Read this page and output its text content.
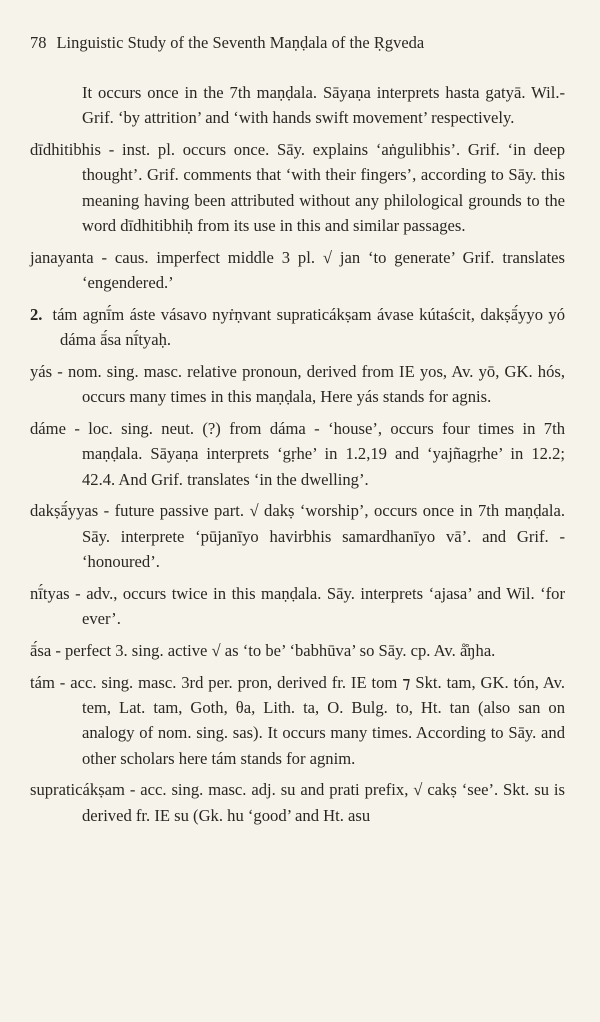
78 Linguistic Study of the Seventh Maṇḍala of the Ṛgveda

It occurs once in the 7th maṇḍala. Sāyaṇa interprets hasta gatyā. Wil.-Grif. ‘by attrition’ and ‘with hands swift movement’ respectively.

dīdhitibhis - inst. pl. occurs once. Sāy. explains ‘aṅgulibhis’. Grif. ‘in deep thought’. Grif. comments that ‘with their fingers’, according to Sāy. this meaning having been attributed without any philological grounds to the word dīdhitibhiḥ from its use in this and similar passages.

janayanta - caus. imperfect middle 3 pl. √ jan ‘to generate’ Grif. translates ‘engendered.’

2. tám agnī́m áste vásavo nyṙṇvant supraticákṣam ávase kútaścit, dakṣā́yyo yó dáma ā́sa nī́tyaḥ.

yás - nom. sing. masc. relative pronoun, derived from IE yos, Av. yō, GK. hós, occurs many times in this maṇḍala, Here yás stands for agnis.

dáme - loc. sing. neut. (?) from dáma - ‘house’, occurs four times in 7th maṇḍala. Sāyaṇa interprets ‘gṛhe’ in 1.2,19 and ‘yajñagṛhe’ in 12.2; 42.4. And Grif. translates ‘in the dwelling’.

dakṣā́yyas - future passive part. √ dakṣ ‘worship’, occurs once in 7th maṇḍala. Sāy. interprete ‘pūjanīyo havirbhis samardhanīyo vā’. and Grif. - ‘honoured’.

nī́tyas - adv., occurs twice in this maṇḍala. Sāy. interprets ‘ajasa’ and Wil. ‘for ever’.

ā́sa - perfect 3. sing. active √ as ‘to be’ ‘babhūva’ so Sāy. cp. Av. å̊ŋha.

tám - acc. sing. masc. 3rd per. pron, derived fr. IE tom ⁊ Skt. tam, GK. tón, Av. tem, Lat. tam, Goth, θa, Lith. ta, O. Bulg. to, Ht. tan (also san on analogy of nom. sing. sas). It occurs many times. According to Sāy. and other scholars here tám stands for agnim.

supraticákṣam - acc. sing. masc. adj. su and prati prefix, √ cakṣ ‘see’. Skt. su is derived fr. IE su (Gk. hu ‘good’ and Ht. asu
